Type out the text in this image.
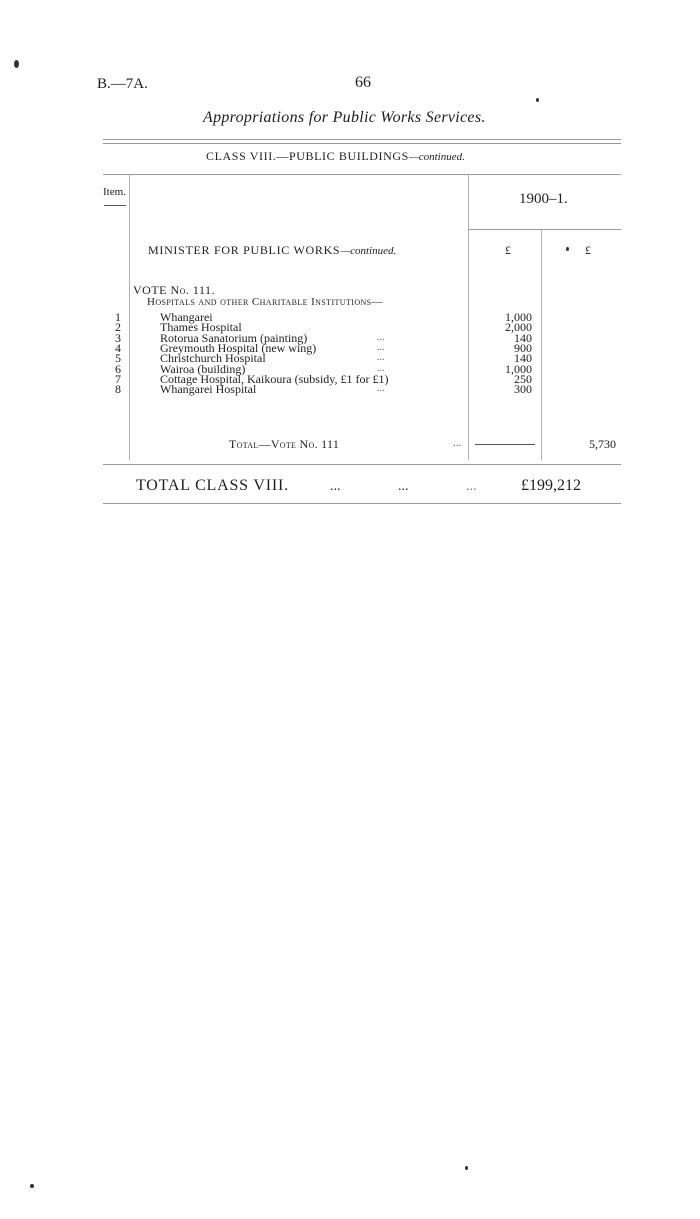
B.—7A.	66
Appropriations for Public Works Services.
CLASS VIII.—PUBLIC BUILDINGS—continued.
Item.	1900–1.
MINISTER FOR PUBLIC WORKS—continued.	£	£
VOTE No. 111.
Hospitals and other Charitable Institutions—
1	Whangarei	1,000
2	Thames Hospital	2,000
3	Rotorua Sanatorium (painting)	...	140
4	Greymouth Hospital (new wing)	...	900
5	Christchurch Hospital	...	140
6	Wairoa (building)	...	1,000
7	Cottage Hospital, Kaikoura (subsidy, £1 for £1)	250
8	Whangarei Hospital	...	300
Total—Vote No. 111	...	5,730
TOTAL CLASS VIII.	...	...	...	£199,212
